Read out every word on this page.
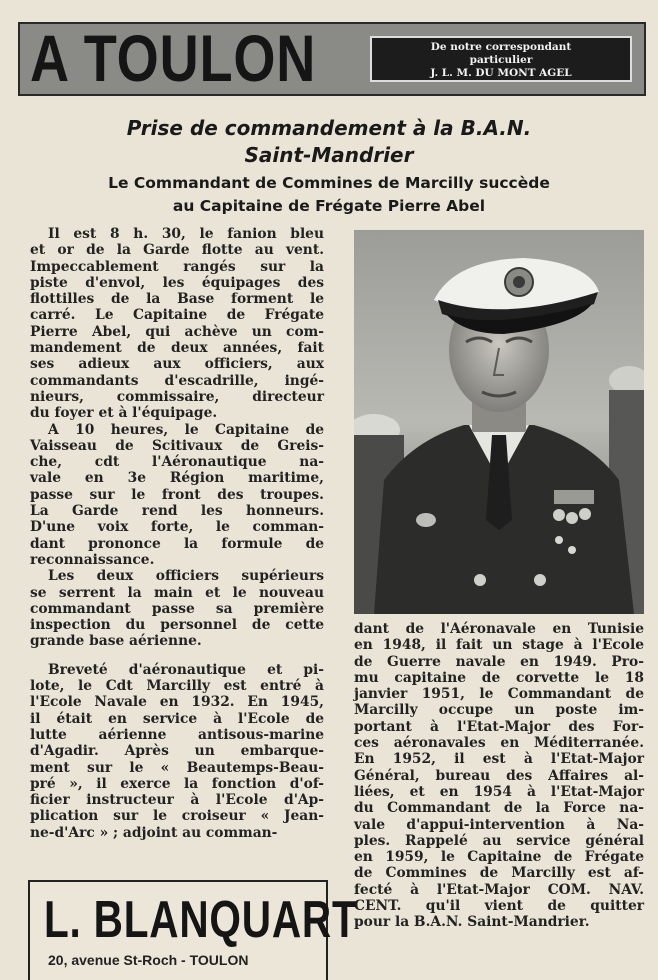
A TOULON	De notre correspondant
particulier
J. L. M. DU MONT AGEL
Prise de commandement à la B.A.N.
Saint-Mandrier
Le Commandant de Commines de Marcilly succède
au Capitaine de Frégate Pierre Abel
Il est 8 h. 30, le fanion bleu
et or de la Garde flotte au vent.
Impeccablement rangés sur la
piste d'envol, les équipages des
flottilles de la Base forment le
carré. Le Capitaine de Frégate
Pierre Abel, qui achève un com-
mandement de deux années, fait
ses adieux aux officiers, aux
commandants d'escadrille, ingé-
nieurs, commissaire, directeur
du foyer et à l'équipage.
A 10 heures, le Capitaine de
Vaisseau de Scitivaux de Greis-
che, cdt l'Aéronautique na-
vale en 3e Région maritime,
passe sur le front des troupes.
La Garde rend les honneurs.
D'une voix forte, le comman-
dant prononce la formule de
reconnaissance.
Les deux officiers supérieurs
se serrent la main et le nouveau
commandant passe sa première
inspection du personnel de cette
grande base aérienne.
Breveté d'aéronautique et pi-
lote, le Cdt Marcilly est entré à
l'Ecole Navale en 1932. En 1945,
il était en service à l'Ecole de
lutte aérienne antisous-marine
d'Agadir. Après un embarque-
ment sur le « Beautemps-Beau-
pré », il exerce la fonction d'of-
ficier instructeur à l'Ecole d'Ap-
plication sur le croiseur « Jean-
ne-d'Arc » ; adjoint au comman-
dant de l'Aéronavale en Tunisie
en 1948, il fait un stage à l'Ecole
de Guerre navale en 1949. Pro-
mu capitaine de corvette le 18
janvier 1951, le Commandant de
Marcilly occupe un poste im-
portant à l'Etat-Major des For-
ces aéronavales en Méditerranée.
En 1952, il est à l'Etat-Major
Général, bureau des Affaires al-
liées, et en 1954 à l'Etat-Major
du Commandant de la Force na-
vale d'appui-intervention à Na-
ples. Rappelé au service général
en 1959, le Capitaine de Frégate
de Commines de Marcilly est af-
fecté à l'Etat-Major COM. NAV.
CENT. qu'il vient de quitter
pour la B.A.N. Saint-Mandrier.
L. BLANQUART
20, avenue St-Roch - TOULON
